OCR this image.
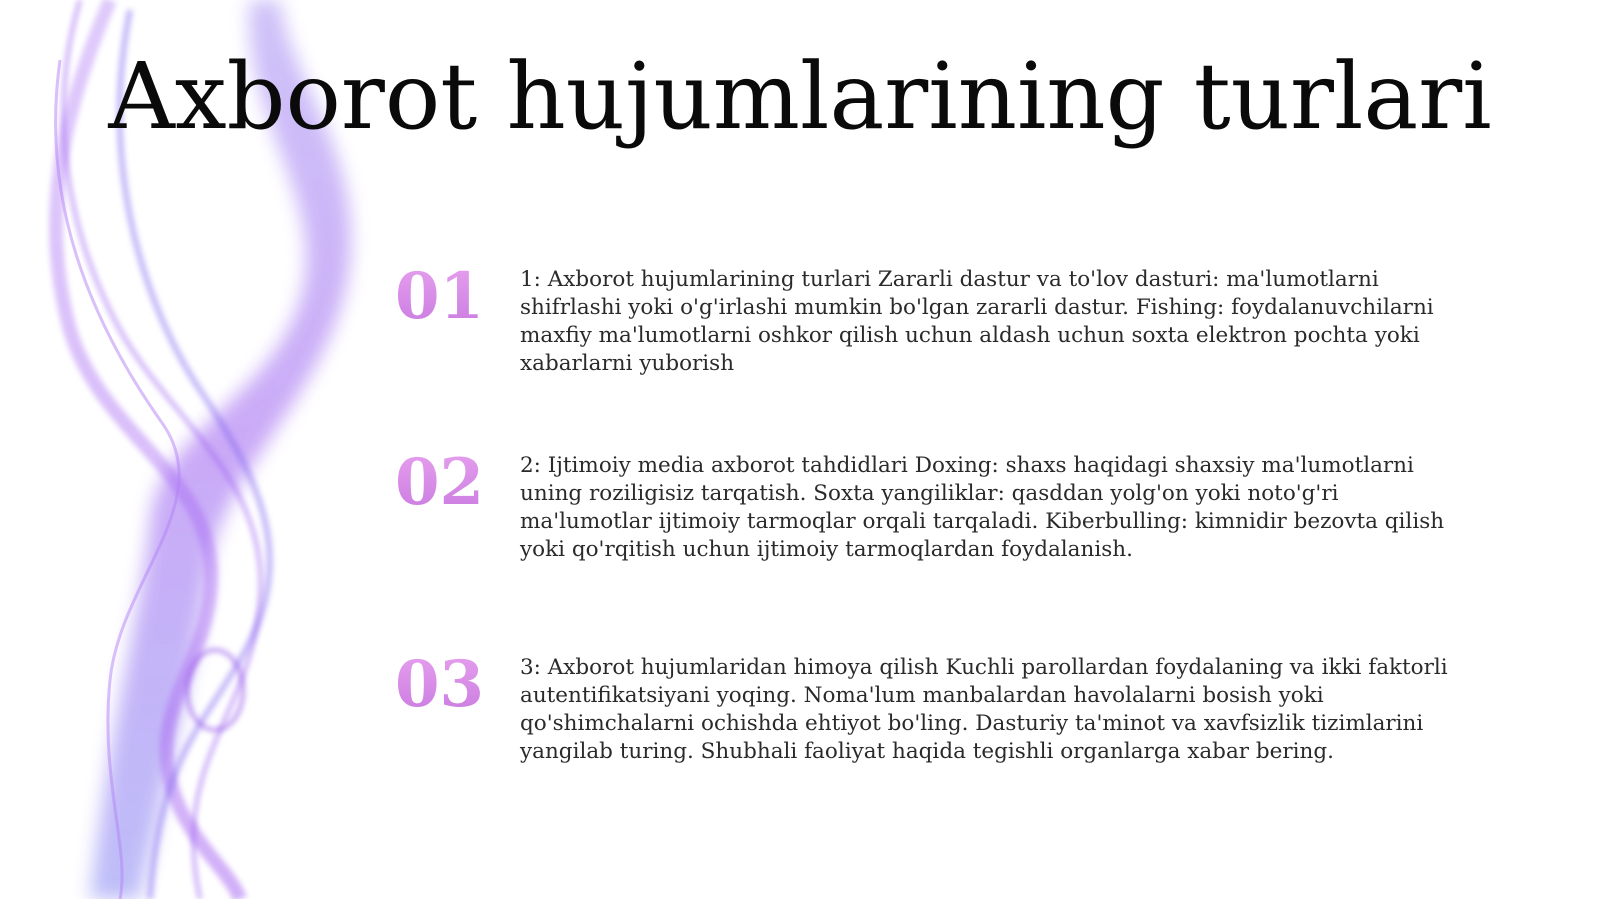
Axborot hujumlarining turlari
01 1: Axborot hujumlarining turlari Zararli dastur va to'lov dasturi: ma'lumotlarni shifrlashi yoki o'g'irlashi mumkin bo'lgan zararli dastur. Fishing: foydalanuvchilarni maxfiy ma'lumotlarni oshkor qilish uchun aldash uchun soxta elektron pochta yoki xabarlarni yuborish

02 2: Ijtimoiy media axborot tahdidlari Doxing: shaxs haqidagi shaxsiy ma'lumotlarni uning roziligisiz tarqatish. Soxta yangiliklar: qasddan yolg'on yoki noto'g'ri ma'lumotlar ijtimoiy tarmoqlar orqali tarqaladi. Kiberbulling: kimnidir bezovta qilish yoki qo'rqitish uchun ijtimoiy tarmoqlardan foydalanish.

03 3: Axborot hujumlaridan himoya qilish Kuchli parollardan foydalaning va ikki faktorli autentifikatsiyani yoqing. Noma'lum manbalardan havolalarni bosish yoki qo'shimchalarni ochishda ehtiyot bo'ling. Dasturiy ta'minot va xavfsizlik tizimlarini yangilab turing. Shubhali faoliyat haqida tegishli organlarga xabar bering.
